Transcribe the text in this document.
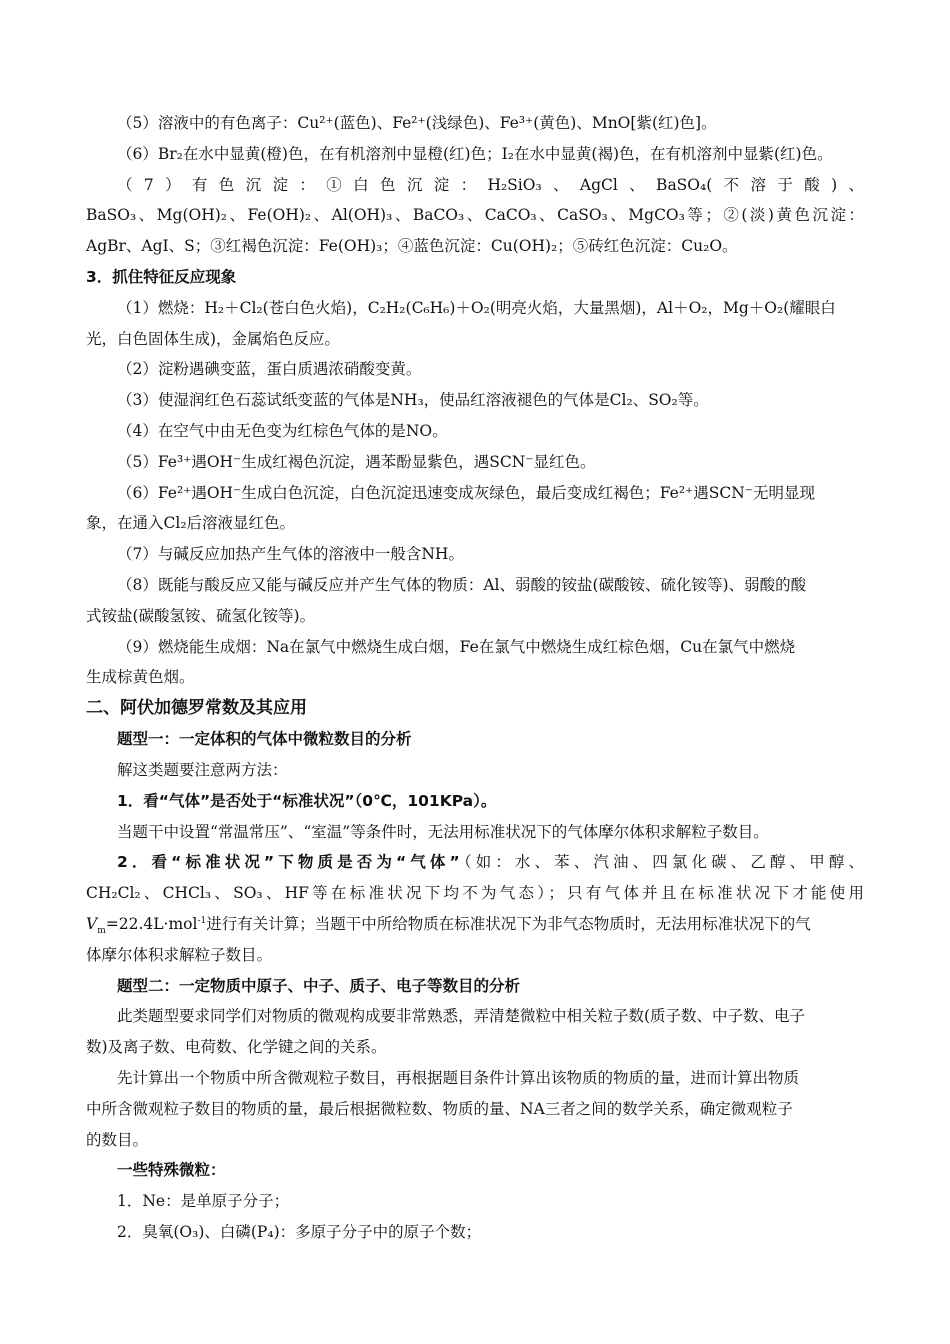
（5）溶液中的有色离子：Cu²⁺(蓝色)、Fe²⁺(浅绿色)、Fe³⁺(黄色)、MnO[紫(红)色]。

（6）Br₂在水中显黄(橙)色，在有机溶剂中显橙(红)色；I₂在水中显黄(褐)色，在有机溶剂中显紫(红)色。

（7）有色沉淀：①白色沉淀：H₂SiO₃、AgCl、BaSO₄(不溶于酸)、

BaSO₃、Mg(OH)₂、Fe(OH)₂、Al(OH)₃、BaCO₃、CaCO₃、CaSO₃、MgCO₃等；②(淡)黄色沉淀：

AgBr、AgI、S；③红褐色沉淀：Fe(OH)₃；④蓝色沉淀：Cu(OH)₂；⑤砖红色沉淀：Cu₂O。

3．抓住特征反应现象

（1）燃烧：H₂＋Cl₂(苍白色火焰)，C₂H₂(C₆H₆)＋O₂(明亮火焰，大量黑烟)，Al＋O₂，Mg＋O₂(耀眼白

光，白色固体生成)，金属焰色反应。

（2）淀粉遇碘变蓝，蛋白质遇浓硝酸变黄。

（3）使湿润红色石蕊试纸变蓝的气体是NH₃，使品红溶液褪色的气体是Cl₂、SO₂等。

（4）在空气中由无色变为红棕色气体的是NO。

（5）Fe³⁺遇OH⁻生成红褐色沉淀，遇苯酚显紫色，遇SCN⁻显红色。

（6）Fe²⁺遇OH⁻生成白色沉淀，白色沉淀迅速变成灰绿色，最后变成红褐色；Fe²⁺遇SCN⁻无明显现

象，在通入Cl₂后溶液显红色。

（7）与碱反应加热产生气体的溶液中一般含NH。

（8）既能与酸反应又能与碱反应并产生气体的物质：Al、弱酸的铵盐(碳酸铵、硫化铵等)、弱酸的酸

式铵盐(碳酸氢铵、硫氢化铵等)。

（9）燃烧能生成烟：Na在氯气中燃烧生成白烟，Fe在氯气中燃烧生成红棕色烟，Cu在氯气中燃烧

生成棕黄色烟。

二、阿伏加德罗常数及其应用

题型一：一定体积的气体中微粒数目的分析

解这类题要注意两方法：

1．看“气体”是否处于“标准状况”（0℃，101KPa）。

当题干中设置“常温常压”、“室温”等条件时，无法用标准状况下的气体摩尔体积求解粒子数目。

2．看“标准状况”下物质是否为“气体”（如：水、苯、汽油、四氯化碳、乙醇、甲醇、

CH₂Cl₂、CHCl₃、SO₃、HF等在标准状况下均不为气态）；只有气体并且在标准状况下才能使用

$V_m=22.4L\cdot mol^{-1}$进行有关计算；当题干中所给物质在标准状况下为非气态物质时，无法用标准状况下的气

体摩尔体积求解粒子数目。

题型二：一定物质中原子、中子、质子、电子等数目的分析

此类题型要求同学们对物质的微观构成要非常熟悉，弄清楚微粒中相关粒子数(质子数、中子数、电子

数)及离子数、电荷数、化学键之间的关系。

先计算出一个物质中所含微观粒子数目，再根据题目条件计算出该物质的物质的量，进而计算出物质

中所含微观粒子数目的物质的量，最后根据微粒数、物质的量、NA三者之间的数学关系，确定微观粒子

的数目。

一些特殊微粒：

1．Ne：是单原子分子；

2．臭氧(O₃)、白磷(P₄)：多原子分子中的原子个数；
